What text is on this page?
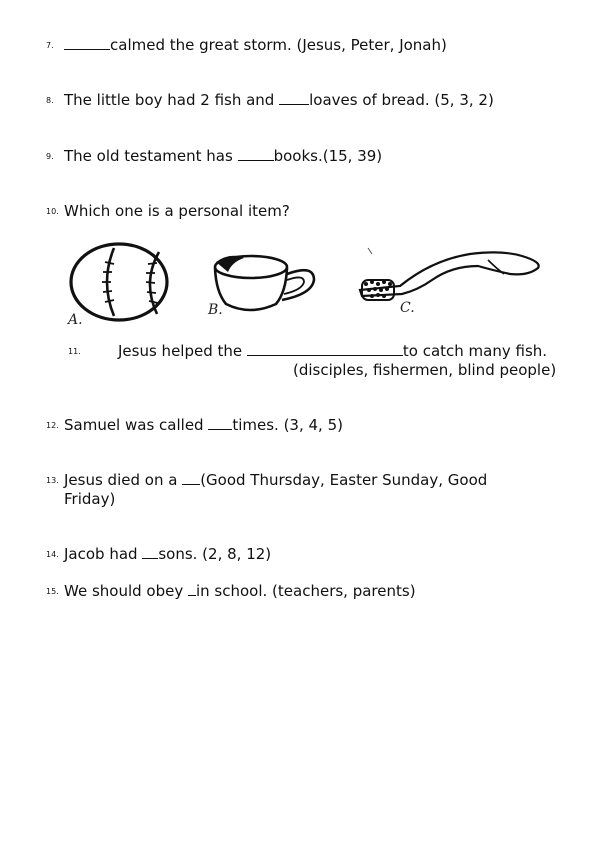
7.	calmed the great storm. (Jesus, Peter, Jonah)
8. The little boy had 2 fish and loaves of bread. (5, 3, 2)
9. The old testament has books.(15, 39)
10. Which one is a personal item?
A.
B.	C.
11. Jesus helped the	to catch many fish.
(disciples, fishermen, blind people)
12. Samuel was called times. (3, 4, 5)
13. Jesus died on a (Good Thursday, Easter Sunday, Good
Friday)
14. Jacob had sons. (2, 8, 12)
15. We should obey in school. (teachers, parents)
